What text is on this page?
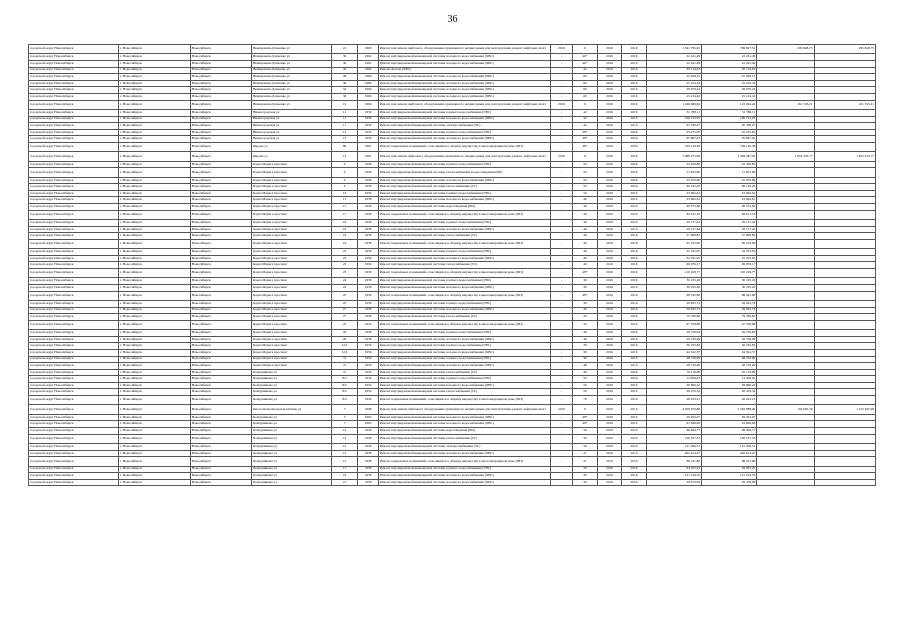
36
городской округ Новосибирск	г. Новосибирск	Новосибирск	Немировича-Данченко ул	21	1969	Ремонт или замена лифтового оборудования, признанного непригодным для эксплуатации, ремонт лифтовых шахт	2016	6	2016	2016	1 361 795,01	769 697,51	295 848,75	295 848,75
городской округ Новосибирск	г. Новосибирск	Новосибирск	Немировича-Данченко ул	30	1962	Ремонт внутридомовой инженерной системы холодного водоснабжения (ХВС)	-	46*	2016	2016	22 241,49	22 241,49		
городской округ Новосибирск	г. Новосибирск	Новосибирск	Немировича-Данченко ул	30	1962	Ремонт внутридомовой инженерной системы холодного водоснабжения (ХВС)	-	46*	2016	2016	22 241,49	22 241,49		
городской округ Новосибирск	г. Новосибирск	Новосибирск	Немировича-Данченко ул	44	1962	Ремонт фасада (ХВС)	-	42	2016	2016	65 114,02	65 114,02		
городской округ Новосибирск	г. Новосибирск	Новосибирск	Немировича-Данченко ул	28	1969	Ремонт внутридомовой инженерной системы холодного водоснабжения (ХВС)	-	60	2016	2016	25 928,15	25 928,15		
городской округ Новосибирск	г. Новосибирск	Новосибирск	Немировича-Данченко ул	36	1969	Ремонт внутридомовой инженерной системы холодного водоснабжения (ХВС)	-	60	2016	2016	25 224,34	25 224,34		
городской округ Новосибирск	г. Новосибирск	Новосибирск	Немировича-Данченко ул	34	1969	Ремонт внутридомовой инженерной системы холодного водоснабжения (ХВС)	-	60	2016	2016	26 979,24	26 979,24		
городской округ Новосибирск	г. Новосибирск	Новосибирск	Немировича-Данченко ул	30	1969	Ремонт внутридомовой инженерной системы холодного водоснабжения (ХВС)	-	60	2016	2016	25 214,42	25 214,42		
городской округ Новосибирск	г. Новосибирск	Новосибирск	Немировича-Данченко ул	12	1964	Ремонт или замена лифтового оборудования, признанного непригодным для эксплуатации, ремонт лифтовых шахт	2016	9	2016	2016	1 446 486,94	123 494,42	161 745,21	161 745,21
городской округ Новосибирск	г. Новосибирск	Новосибирск	Нижегородская ул	11	1959	Ремонт внутридомовой инженерной системы горячего водоснабжения (ГВС)	-	42	2016	2016	31 788,11	31 788,11		
городской округ Новосибирск	г. Новосибирск	Новосибирск	Нижегородская ул	11	1959	Ремонт внутридомовой инженерной системы холодного водоснабжения (ХВС)	-	42	2016	2016	106 212,05	106 212,05		
городской округ Новосибирск	г. Новосибирск	Новосибирск	Нижегородская ул	11	1959	Ремонт внутридомовой инженерной системы электроснабжения (ЭС)	-	42	2016	2016	95 336,07	95 336,07		
городской округ Новосибирск	г. Новосибирск	Новосибирск	Нижегородская ул	13	1959	Ремонт внутридомовой инженерной системы горячего водоснабжения (ГВС)	-	48*	2016	2016	45 275,05	45 275,05		
городской округ Новосибирск	г. Новосибирск	Новосибирск	Нижегородская ул	13	1959	Ремонт внутридомовой инженерной системы холодного водоснабжения (ХВС)	-	48*	2016	2016	95 607,02	95 607,02		
городской округ Новосибирск	г. Новосибирск	Новосибирск	Кирова ул	86	1991	Ремонт подвальных помещений, относящихся к общему имуществу в многоквартирном доме (ПП)	-	48*	2016	2016	109 120,38	109 120,38		
городской округ Новосибирск	г. Новосибирск	Новосибирск	Кирова ул	14	1961	Ремонт или замена лифтового оборудования, признанного непригодным для эксплуатации, ремонт лифтовых шахт	2016	8	2016	2016	7 088 475,08	3 494 487,54	1 852 243,77	1 852 243,77
городской округ Новосибирск	г. Новосибирск	Новосибирск	Карла Маркса проспект	9	1958	Ремонт внутридомовой инженерной системы горячего водоснабжения (ГВС)	-	50	2016	2016	25 456,85	25 456,85		
городской округ Новосибирск	г. Новосибирск	Новосибирск	Карла Маркса проспект	9	1958	Ремонт внутридомовой инженерной системы теплоснабжения и водоотведения (ВО)	-	50	2016	2016	51 872,60	51 872,60		
городской округ Новосибирск	г. Новосибирск	Новосибирск	Карла Маркса проспект	9	1958	Ремонт внутридомовой инженерной системы холодного водоснабжения (ХВС)	-	50	2016	2016	25 976,96	25 976,96		
городской округ Новосибирск	г. Новосибирск	Новосибирск	Карла Маркса проспект	9	1958	Ремонт внутридомовой инженерной системы теплоснабжения (ТС)	-	50	2016	2016	69 165,20	69 165,20		
городской округ Новосибирск	г. Новосибирск	Новосибирск	Карла Маркса проспект	13	1959	Ремонт внутридомовой инженерной системы горячего водоснабжения (ГВС)	-	50	2016	2016	23 962,61	23 962,61		
городской округ Новосибирск	г. Новосибирск	Новосибирск	Карла Маркса проспект	17	1958	Ремонт внутридомовой инженерной системы холодного водоснабжения (ХВС)	-	40	2016	2016	23 962,61	23 962,61		
городской округ Новосибирск	г. Новосибирск	Новосибирск	Карла Маркса проспект	17	1958	Ремонт внутридомовой инженерной системы водоотведения (ВО)	-	40	2016	2016	69 572,60	69 572,60		
городской округ Новосибирск	г. Новосибирск	Новосибирск	Карла Маркса проспект	17	1958	Ремонт подвальных помещений, относящихся к общему имуществу в многоквартирном доме (ПП)	-	40	2016	2016	84 011,16	84 011,16		
городской округ Новосибирск	г. Новосибирск	Новосибирск	Карла Маркса проспект	19	1958	Ремонт внутридомовой инженерной системы горячего водоснабжения (ГВС)	-	40	2016	2016	29 157,44	29 157,44		
городской округ Новосибирск	г. Новосибирск	Новосибирск	Карла Маркса проспект	19	1958	Ремонт внутридомовой инженерной системы холодного водоснабжения (ХВС)	-	40	2016	2016	29 157,44	29 157,44		
городской округ Новосибирск	г. Новосибирск	Новосибирск	Карла Маркса проспект	19	1958	Ремонт внутридомовой инженерной системы теплоснабжения (ТС)	-	40	2016	2016	57 699,82	57 699,82		
городской округ Новосибирск	г. Новосибирск	Новосибирск	Карла Маркса проспект	19	1958	Ремонт подвальных помещений, относящихся к общему имуществу в многоквартирном доме (ПП)	-	40	2016	2016	95 102,90	95 102,90		
городской округ Новосибирск	г. Новосибирск	Новосибирск	Карла Маркса проспект	23	1959	Ремонт внутридомовой инженерной системы горячего водоснабжения (ГВС)	-	40	2016	2016	32 761,05	32 761,05		
городской округ Новосибирск	г. Новосибирск	Новосибирск	Карла Маркса проспект	23	1959	Ремонт внутридомовой инженерной системы холодного водоснабжения (ХВС)	-	40	2016	2016	32 761,05	32 761,05		
городской округ Новосибирск	г. Новосибирск	Новосибирск	Карла Маркса проспект	23	1959	Ремонт внутридомовой инженерной системы теплоснабжения (ТС)	-	40	2016	2016	69 076,17	69 076,17		
городской округ Новосибирск	г. Новосибирск	Новосибирск	Карла Маркса проспект	23	1959	Ремонт подвальных помещений, относящихся к общему имуществу в многоквартирном доме (ПП)	-	48*	2016	2016	110 229,77	110 229,77		
городской округ Новосибирск	г. Новосибирск	Новосибирск	Карла Маркса проспект	24	1958	Ремонт внутридомовой инженерной системы горячего водоснабжения (ГВС)	-	30	2016	2016	30 195,20	30 195,20		
городской округ Новосибирск	г. Новосибирск	Новосибирск	Карла Маркса проспект	24	1958	Ремонт внутридомовой инженерной системы холодного водоснабжения (ХВС)	-	30	2016	2016	30 195,20	30 195,20		
городской округ Новосибирск	г. Новосибирск	Новосибирск	Карла Маркса проспект	25	1958	Ремонт подвальных помещений, относящихся к общему имуществу в многоквартирном доме (ПП)	-	40*	2016	2016	98 345,60	98 345,60		
городской округ Новосибирск	г. Новосибирск	Новосибирск	Карла Маркса проспект	25	1958	Ремонт внутридомовой инженерной системы горячего водоснабжения (ГВС)	-	30	2016	2016	29 925,74	29 925,74		
городской округ Новосибирск	г. Новосибирск	Новосибирск	Карла Маркса проспект	27	1958	Ремонт внутридомовой инженерной системы холодного водоснабжения (ХВС)	-	30	2016	2016	29 925,74	29 925,74		
городской округ Новосибирск	г. Новосибирск	Новосибирск	Карла Маркса проспект	27	1958	Ремонт внутридомовой инженерной системы теплоснабжения (ТС)	-	30	2016	2016	79 796,60	79 796,60		
городской округ Новосибирск	г. Новосибирск	Новосибирск	Карла Маркса проспект	25	1954	Ремонт подвальных помещений, относящихся к общему имуществу в многоквартирном доме (ПП)	-	43	2016	2016	97 558,68	97 558,68		
городской округ Новосибирск	г. Новосибирск	Новосибирск	Карла Маркса проспект	29	1958	Ремонт внутридомовой инженерной системы горячего водоснабжения (ГВС)	-	40	2016	2016	29 756,09	29 756,09		
городской округ Новосибирск	г. Новосибирск	Новосибирск	Карла Маркса проспект	29	1958	Ремонт внутридомовой инженерной системы холодного водоснабжения (ХВС)	-	40	2016	2016	29 756,09	29 756,09		
городской округ Новосибирск	г. Новосибирск	Новосибирск	Карла Маркса проспект	12/1	1956	Ремонт внутридомовой инженерной системы горячего водоснабжения (ГВС)	-	30	2016	2016	56 165,82	56 165,82		
городской округ Новосибирск	г. Новосибирск	Новосибирск	Карла Маркса проспект	12/1	1956	Ремонт внутридомовой инженерной системы холодного водоснабжения (ХВС)	-	30	2016	2016	44 322,37	44 322,37		
городской округ Новосибирск	г. Новосибирск	Новосибирск	Карла Маркса проспект	7а	1950	Ремонт внутридомовой инженерной системы горячего водоснабжения (ГВС)	-	30	2016	2016	28 516,09	28 516,09		
городской округ Новосибирск	г. Новосибирск	Новосибирск	Карла Маркса проспект	7а	1950	Ремонт внутридомовой инженерной системы холодного водоснабжения (ХВС)	-	48	2016	2016	28 516,09	28 516,09		
городской округ Новосибирск	г. Новосибирск	Новосибирск	Кошурникова ул	7а	1950	Ремонт внутридомовой инженерной системы теплоснабжения (ТС)	-	48	2016	2016	76 176,09	76 176,09		
городской округ Новосибирск	г. Новосибирск	Новосибирск	Кошурникова ул	8/2	1954	Ремонт внутридомовой инженерной системы горячего водоснабжения (ГВС)	-	50	2016	2016	14 509,02	14 509,02		
городской округ Новосибирск	г. Новосибирск	Новосибирск	Кошурникова ул	8/2	1954	Ремонт внутридомовой инженерной системы холодного водоснабжения (ХВС)	-	50	2016	2016	29 600,22	29 600,22		
городской округ Новосибирск	г. Новосибирск	Новосибирск	Кошурникова ул	8/2	1954	Ремонт внутридомовой инженерной системы теплоснабжения (ТС)	-	50	2016	2016	26 476,34	26 476,34		
городской округ Новосибирск	г. Новосибирск	Новосибирск	Кошурникова ул	8/2	1954	Ремонт подвальных помещений, относящихся к общему имуществу в многоквартирном доме (ПП)	-	76	2016	2016	26 223,21	26 223,21		
городской округ Новосибирск	г. Новосибирск	Новосибирск	Кисло-Комсомольская Оптина ул	7	1968	Ремонт или замена лифтового оборудования, признанного непригодным для эксплуатации, ремонт лифтовых шахт	2016	9	2016	2016	4 659 679,80	2 264 988,40	152 692,30	1 152 497,99
городской округ Новосибирск	г. Новосибирск	Новосибирск	Кошурникова ул	5	1963	Ремонт внутридомовой инженерной системы холодного водоснабжения (ХВС)	-	48*	2016	2016	29 453,07	29 453,07		
городской округ Новосибирск	г. Новосибирск	Новосибирск	Кошурникова ул	7	1963	Ремонт внутридомовой инженерной системы холодного водоснабжения (ХВС)	-	48*	2016	2016	61 849,06	61 849,06		
городской округ Новосибирск	г. Новосибирск	Новосибирск	Кошурникова ул	13	1958	Ремонт внутридомовой инженерной системы водоотведения (ВО)	-	30	2016	2016	69 464,77	69 464,77		
городской округ Новосибирск	г. Новосибирск	Новосибирск	Кошурникова ул	13	1958	Ремонт внутридомовой инженерной системы теплоснабжения (ТС)	-	30	2016	2016	156 557,53	156 557,53		
городской округ Новосибирск	г. Новосибирск	Новосибирск	Кошурникова ул	15	1958	Ремонт внутридомовой инженерной системы электроснабжения (ЭС)	-	30	2016	2016	121 296,51	121 296,51		
городской округ Новосибирск	г. Новосибирск	Новосибирск	Кошурникова ул	15	1958	Ремонт внутридомовой инженерной системы холодного водоснабжения (ХВС)	-	47	2016	2016	202 613,47	202 613,47		
городской округ Новосибирск	г. Новосибирск	Новосибирск	Кошурникова ул	15	1958	Ремонт подвальных помещений, относящихся к общему имуществу в многоквартирном доме (ПП)	-	47	2016	2016	89 411,86	89 411,86		
городской округ Новосибирск	г. Новосибирск	Новосибирск	Кошурникова ул	17	1958	Ремонт внутридомовой инженерной системы горячего водоснабжения (ГВС)	-	30	2016	2016	64 055,25	64 055,25		
городской округ Новосибирск	г. Новосибирск	Новосибирск	Кошурникова ул	19	1958	Ремонт внутридомовой инженерной системы холодного водоснабжения (ХВС)	-	30	2016	2016	121 219,79	121 219,79		
городской округ Новосибирск	г. Новосибирск	Новосибирск	Кошурникова ул	21	1958	Ремонт внутридомовой инженерной системы холодного водоснабжения (ХВС)	-	30	2016	2016	29 476,09	29 476,09		
